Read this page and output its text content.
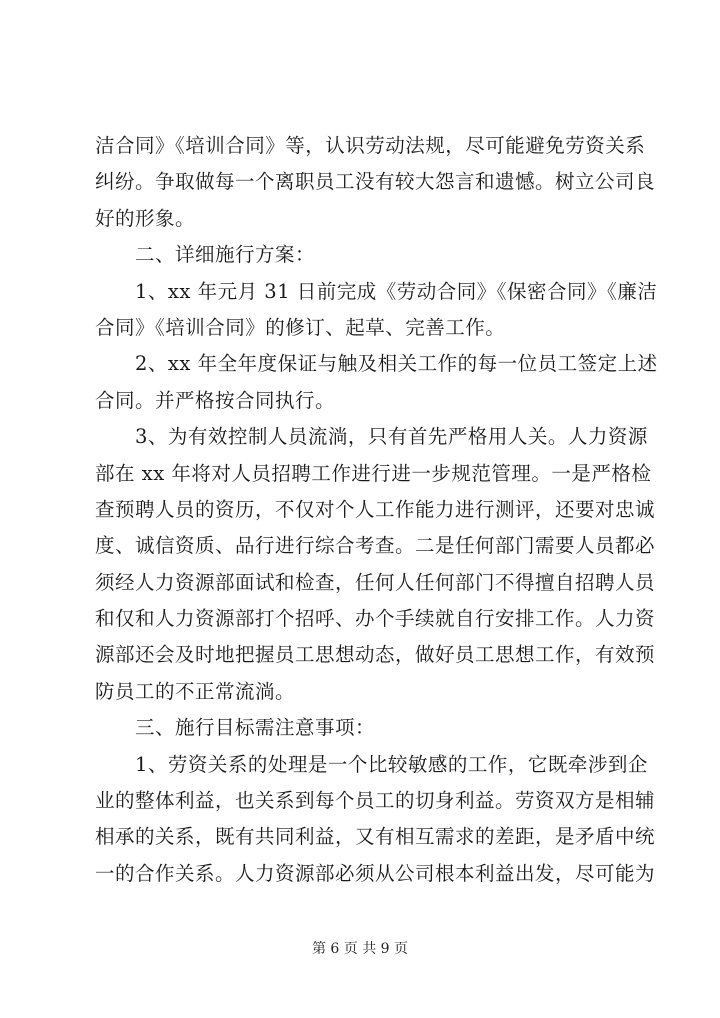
洁合同》《培训合同》等，认识劳动法规，尽可能避免劳资关系
纠纷。争取做每一个离职员工没有较大怨言和遗憾。树立公司良
好的形象。
　　二、详细施行方案：
　　1、xx 年元月 31 日前完成《劳动合同》《保密合同》《廉洁
合同》《培训合同》的修订、起草、完善工作。
　　2、xx 年全年度保证与触及相关工作的每一位员工签定上述
合同。并严格按合同执行。
　　3、为有效控制人员流淌，只有首先严格用人关。人力资源
部在 xx 年将对人员招聘工作进行进一步规范管理。一是严格检
查预聘人员的资历，不仅对个人工作能力进行测评，还要对忠诚
度、诚信资质、品行进行综合考查。二是任何部门需要人员都必
须经人力资源部面试和检查，任何人任何部门不得擅自招聘人员
和仅和人力资源部打个招呼、办个手续就自行安排工作。人力资
源部还会及时地把握员工思想动态，做好员工思想工作，有效预
防员工的不正常流淌。
　　三、施行目标需注意事项：
　　1、劳资关系的处理是一个比较敏感的工作，它既牵涉到企
业的整体利益，也关系到每个员工的切身利益。劳资双方是相辅
相承的关系，既有共同利益，又有相互需求的差距，是矛盾中统
一的合作关系。人力资源部必须从公司根本利益出发，尽可能为
第 6 页 共 9 页
